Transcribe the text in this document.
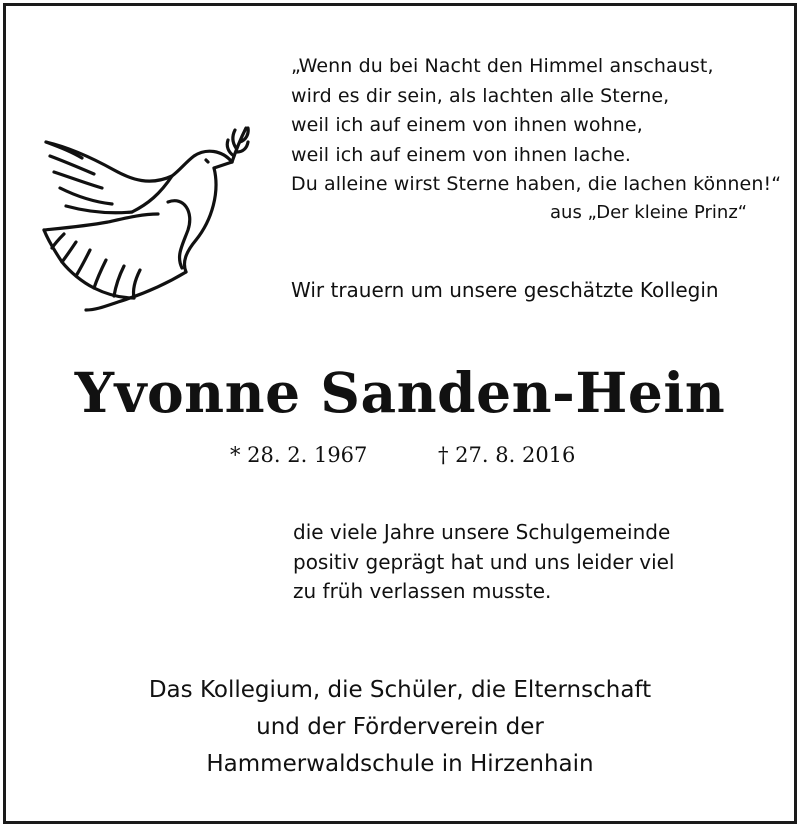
„Wenn du bei Nacht den Himmel anschaust,
wird es dir sein, als lachten alle Sterne,
weil ich auf einem von ihnen wohne,
weil ich auf einem von ihnen lache.
Du alleine wirst Sterne haben, die lachen können!“
aus „Der kleine Prinz“
Wir trauern um unsere geschätzte Kollegin
Yvonne Sanden-Hein
* 28. 2. 1967	† 27. 8. 2016
die viele Jahre unsere Schulgemeinde
positiv geprägt hat und uns leider viel
zu früh verlassen musste.
Das Kollegium, die Schüler, die Elternschaft
und der Förderverein der
Hammerwaldschule in Hirzenhain
